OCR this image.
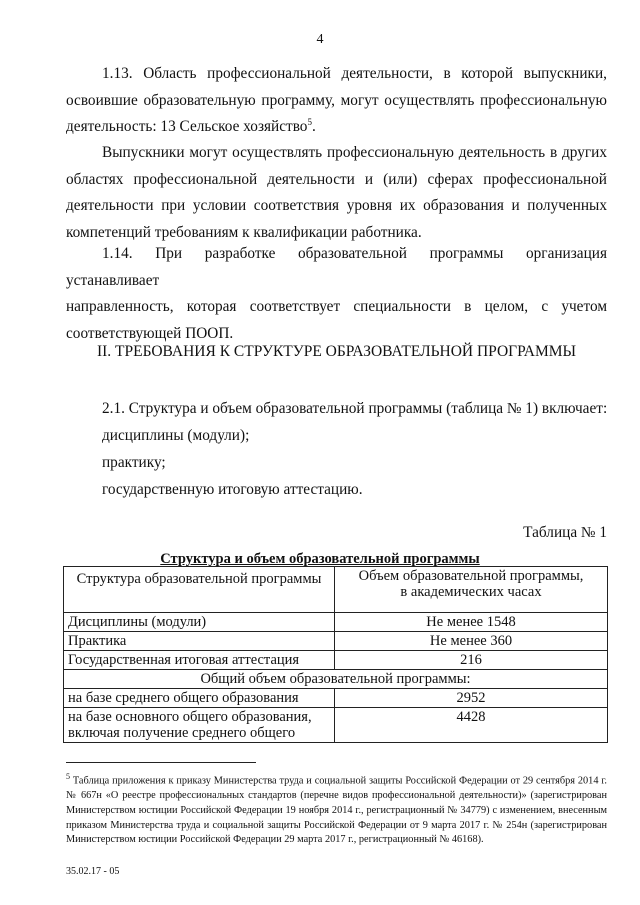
4
1.13. Область профессиональной деятельности, в которой выпускники,
освоившие образовательную программу, могут осуществлять профессиональную
деятельность: 13 Сельское хозяйство$^5$.
Выпускники могут осуществлять профессиональную деятельность в других
областях профессиональной деятельности и (или) сферах профессиональной
деятельности при условии соответствия уровня их образования и полученных
компетенций требованиям к квалификации работника.
1.14. При разработке образовательной программы организация устанавливает
направленность, которая соответствует специальности в целом, с учетом
соответствующей ПООП.
II. ТРЕБОВАНИЯ К СТРУКТУРЕ ОБРАЗОВАТЕЛЬНОЙ ПРОГРАММЫ
2.1. Структура и объем образовательной программы (таблица № 1) включает:
дисциплины (модули);
практику;
государственную итоговую аттестацию.
Таблица № 1
Структура и объем образовательной программы
Структура образовательной программы	Объем образовательной программы,
в академических часах

Дисциплины (модули)	Не менее 1548
Практика	Не менее 360
Государственная итоговая аттестация	216
Общий объем образовательной программы:	
на базе среднего общего образования	2952

на базе основного общего образования,
включая получение среднего общего	4428
$^5$ Таблица приложения к приказу Министерства труда и социальной защиты Российской Федерации от 29 сентября 2014 г. № 667н «О реестре профессиональных стандартов (перечне видов профессиональной деятельности)» (зарегистрирован Министерством юстиции Российской Федерации 19 ноября 2014 г., регистрационный № 34779) с изменением, внесенным приказом Министерства труда и социальной защиты Российской Федерации от 9 марта 2017 г. № 254н (зарегистрирован Министерством юстиции Российской Федерации 29 марта 2017 г., регистрационный № 46168).
35.02.17 - 05
